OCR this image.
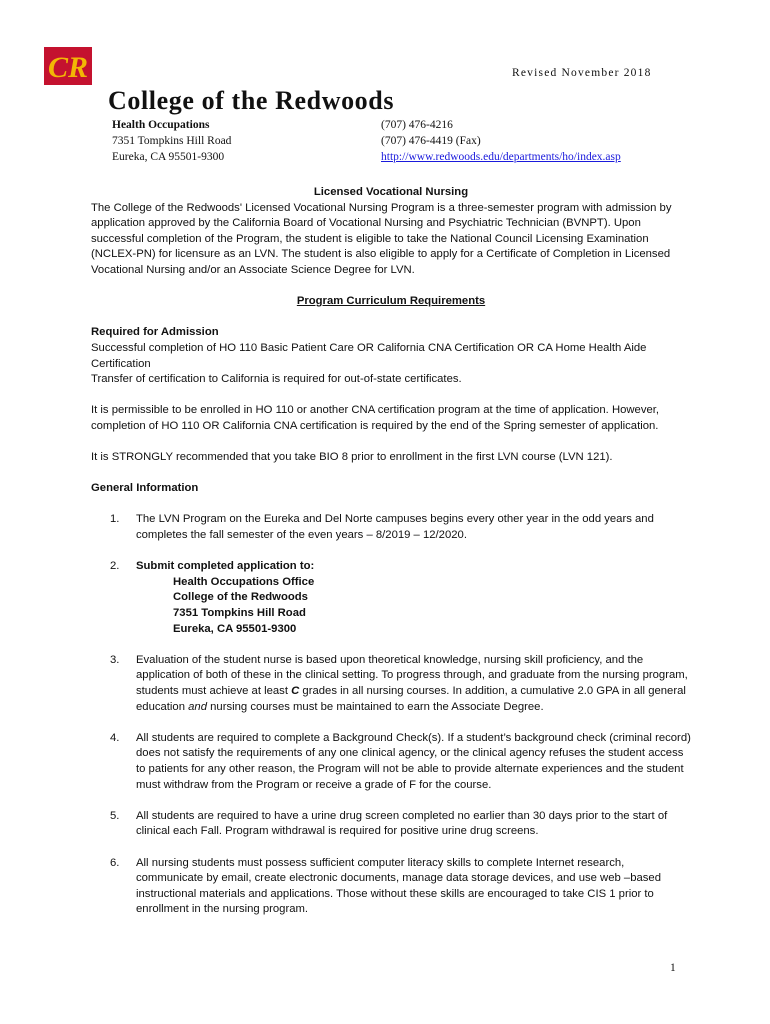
CR	Revised November 2018
College of the Redwoods
Health Occupations
7351 Tompkins Hill Road
Eureka, CA 95501-9300
(707) 476-4216
(707) 476-4419 (Fax)
http://www.redwoods.edu/departments/ho/index.asp

Licensed Vocational Nursing

The College of the Redwoods' Licensed Vocational Nursing Program is a three-semester program with admission by application approved by the California Board of Vocational Nursing and Psychiatric Technician (BVNPT). Upon successful completion of the Program, the student is eligible to take the National Council Licensing Examination (NCLEX-PN) for licensure as an LVN. The student is also eligible to apply for a Certificate of Completion in Licensed Vocational Nursing and/or an Associate Science Degree for LVN.

Program Curriculum Requirements

Required for Admission

Successful completion of HO 110 Basic Patient Care OR California CNA Certification OR CA Home Health Aide Certification

Transfer of certification to California is required for out-of-state certificates.

It is permissible to be enrolled in HO 110 or another CNA certification program at the time of application. However, completion of HO 110 OR California CNA certification is required by the end of the Spring semester of application.

It is STRONGLY recommended that you take BIO 8 prior to enrollment in the first LVN course (LVN 121).

General Information

1.	The LVN Program on the Eureka and Del Norte campuses begins every other year in the odd years and completes the fall semester of the even years – 8/2019 – 12/2020.
2.	Submit completed application to:
Health Occupations Office
College of the Redwoods
7351 Tompkins Hill Road
Eureka, CA 95501-9300
3.	Evaluation of the student nurse is based upon theoretical knowledge, nursing skill proficiency, and the application of both of these in the clinical setting. To progress through, and graduate from the nursing program, students must achieve at least C grades in all nursing courses. In addition, a cumulative 2.0 GPA in all general education and nursing courses must be maintained to earn the Associate Degree.
4.	All students are required to complete a Background Check(s). If a student’s background check (criminal record) does not satisfy the requirements of any one clinical agency, or the clinical agency refuses the student access to patients for any other reason, the Program will not be able to provide alternate experiences and the student must withdraw from the Program or receive a grade of F for the course.
5.	All students are required to have a urine drug screen completed no earlier than 30 days prior to the start of clinical each Fall. Program withdrawal is required for positive urine drug screens.
6.	All nursing students must possess sufficient computer literacy skills to complete Internet research, communicate by email, create electronic documents, manage data storage devices, and use web –based instructional materials and applications. Those without these skills are encouraged to take CIS 1 prior to enrollment in the nursing program.
1
